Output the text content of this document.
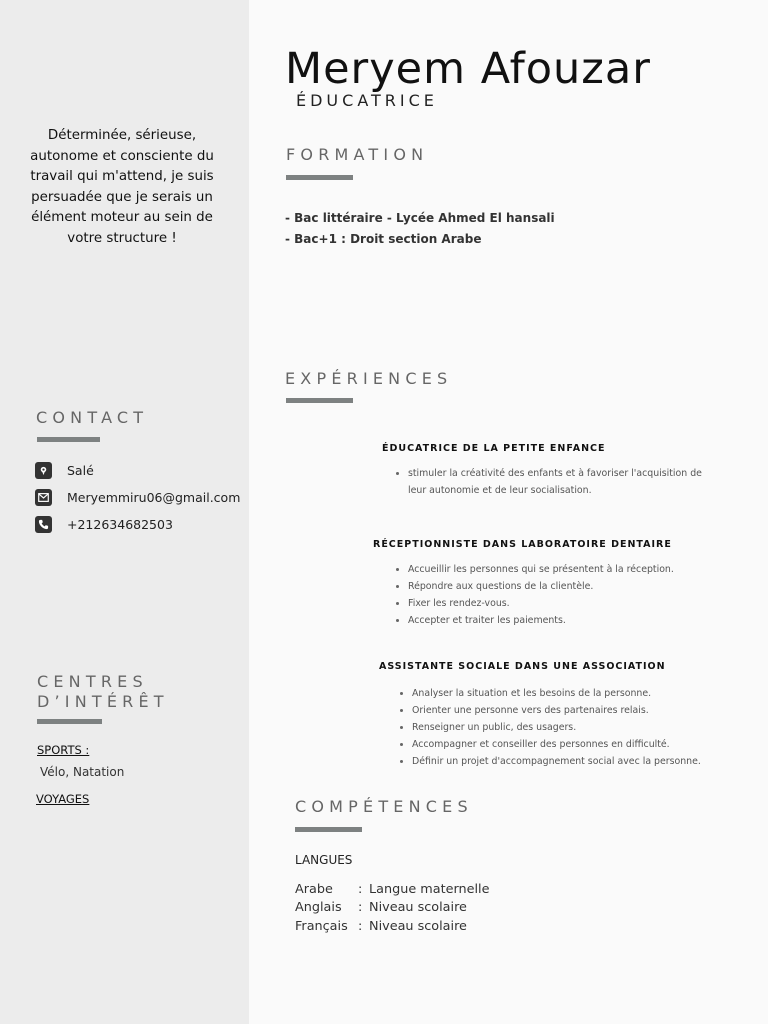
Meryem Afouzar
ÉDUCATRICE
Déterminée, sérieuse, autonome et consciente du travail qui m'attend, je suis persuadée que je serais un élément moteur au sein de votre structure !
FORMATION
- Bac littéraire - Lycée Ahmed El hansali
- Bac+1 : Droit section Arabe
EXPÉRIENCES
ÉDUCATRICE DE LA PETITE ENFANCE
stimuler la créativité des enfants et à favoriser l'acquisition de leur autonomie et de leur socialisation.
RÉCEPTIONNISTE DANS LABORATOIRE DENTAIRE
Accueillir les personnes qui se présentent à la réception.
Répondre aux questions de la clientèle.
Fixer les rendez-vous.
Accepter et traiter les paiements.
ASSISTANTE SOCIALE DANS UNE ASSOCIATION
Analyser la situation et les besoins de la personne.
Orienter une personne vers des partenaires relais.
Renseigner un public, des usagers.
Accompagner et conseiller des personnes en difficulté.
Définir un projet d'accompagnement social avec la personne.
CONTACT
Salé
Meryemmiru06@gmail.com
+212634682503
CENTRES
D’INTÉRÊT
SPORTS :
Vélo, Natation
VOYAGES	COMPÉTENCES
LANGUES
Arabe : Langue maternelle
Anglais : Niveau scolaire
Français : Niveau scolaire
